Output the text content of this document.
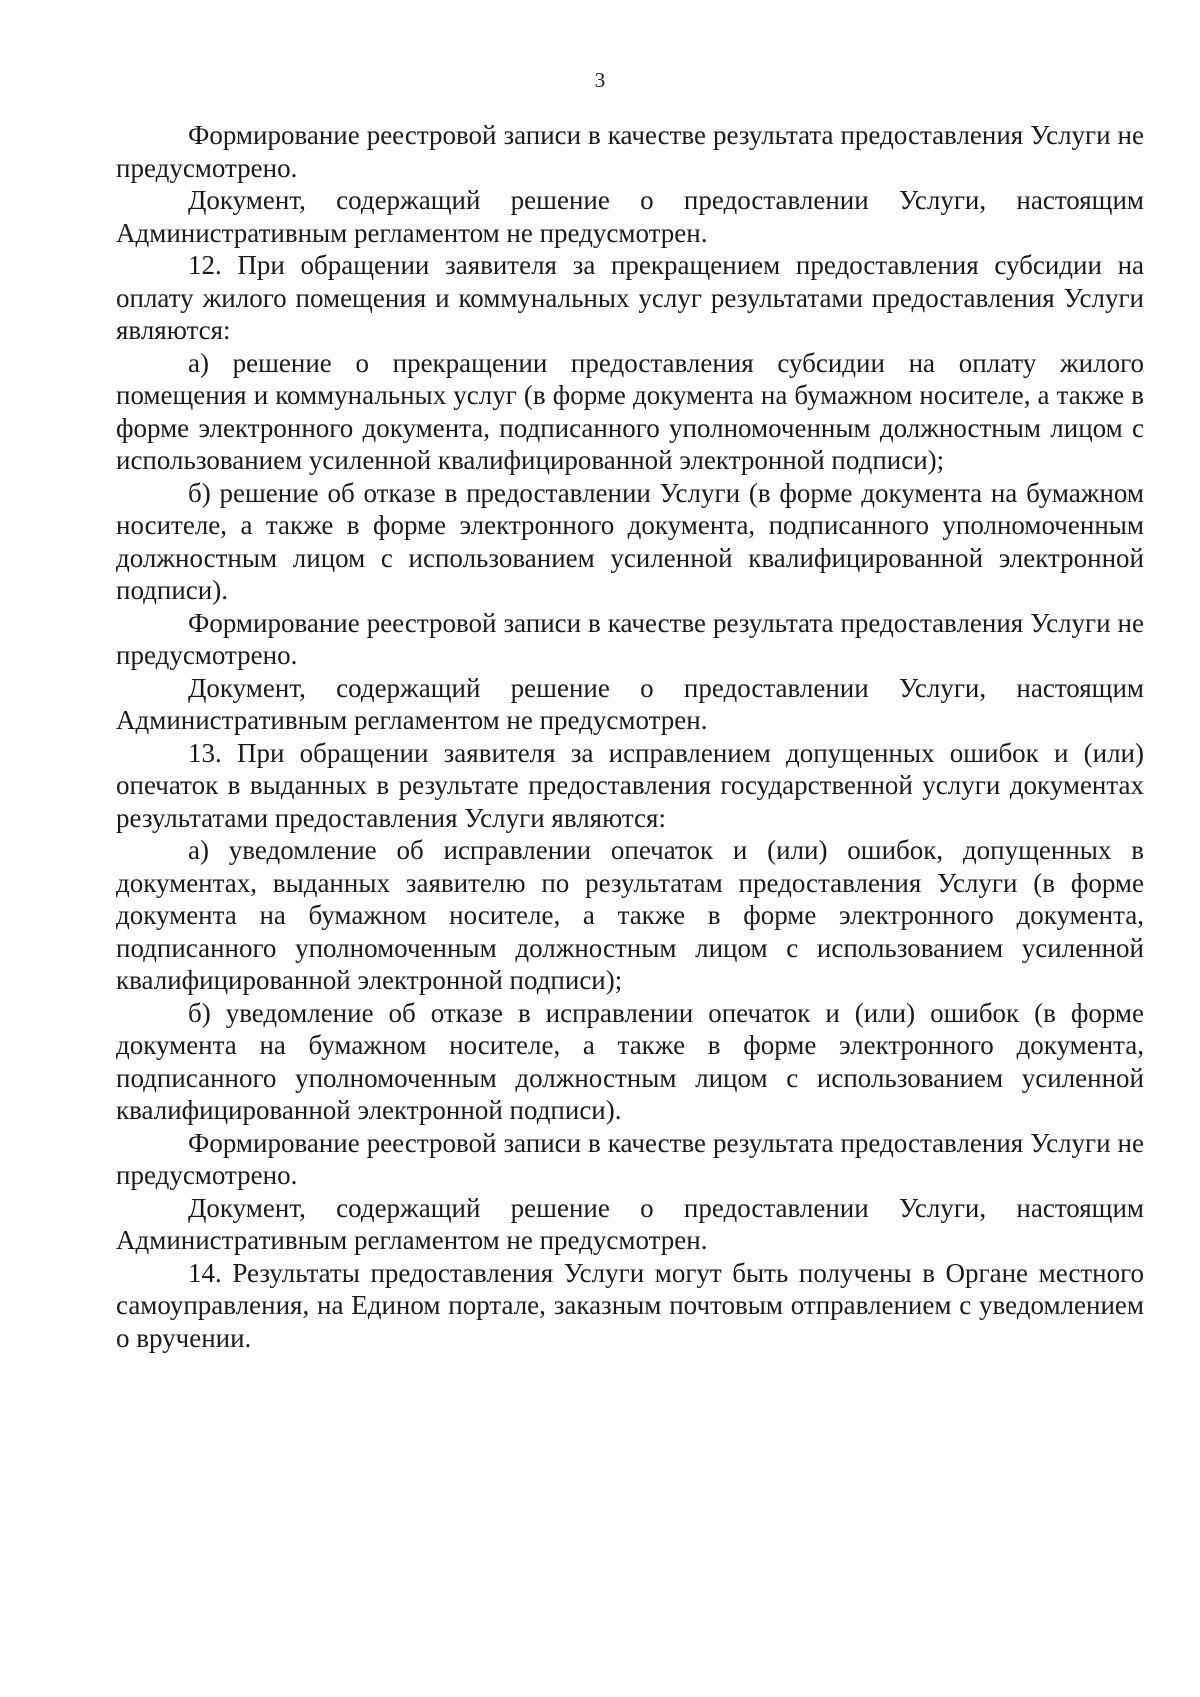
3

Формирование реестровой записи в качестве результата предоставления Услуги не предусмотрено.

Документ, содержащий решение о предоставлении Услуги, настоящим Административным регламентом не предусмотрен.

12. При обращении заявителя за прекращением предоставления субсидии на оплату жилого помещения и коммунальных услуг результатами предоставления Услуги являются:

а) решение о прекращении предоставления субсидии на оплату жилого помещения и коммунальных услуг (в форме документа на бумажном носителе, а также в форме электронного документа, подписанного уполномоченным должностным лицом с использованием усиленной квалифицированной электронной подписи);

б) решение об отказе в предоставлении Услуги (в форме документа на бумажном носителе, а также в форме электронного документа, подписанного уполномоченным должностным лицом с использованием усиленной квалифицированной электронной подписи).

Формирование реестровой записи в качестве результата предоставления Услуги не предусмотрено.

Документ, содержащий решение о предоставлении Услуги, настоящим Административным регламентом не предусмотрен.

13. При обращении заявителя за исправлением допущенных ошибок и (или) опечаток в выданных в результате предоставления государственной услуги документах результатами предоставления Услуги являются:

а) уведомление об исправлении опечаток и (или) ошибок, допущенных в документах, выданных заявителю по результатам предоставления Услуги (в форме документа на бумажном носителе, а также в форме электронного документа, подписанного уполномоченным должностным лицом с использованием усиленной квалифицированной электронной подписи);

б) уведомление об отказе в исправлении опечаток и (или) ошибок (в форме документа на бумажном носителе, а также в форме электронного документа, подписанного уполномоченным должностным лицом с использованием усиленной квалифицированной электронной подписи).

Формирование реестровой записи в качестве результата предоставления Услуги не предусмотрено.

Документ, содержащий решение о предоставлении Услуги, настоящим Административным регламентом не предусмотрен.

14. Результаты предоставления Услуги могут быть получены в Органе местного самоуправления, на Едином портале, заказным почтовым отправлением с уведомлением о вручении.
